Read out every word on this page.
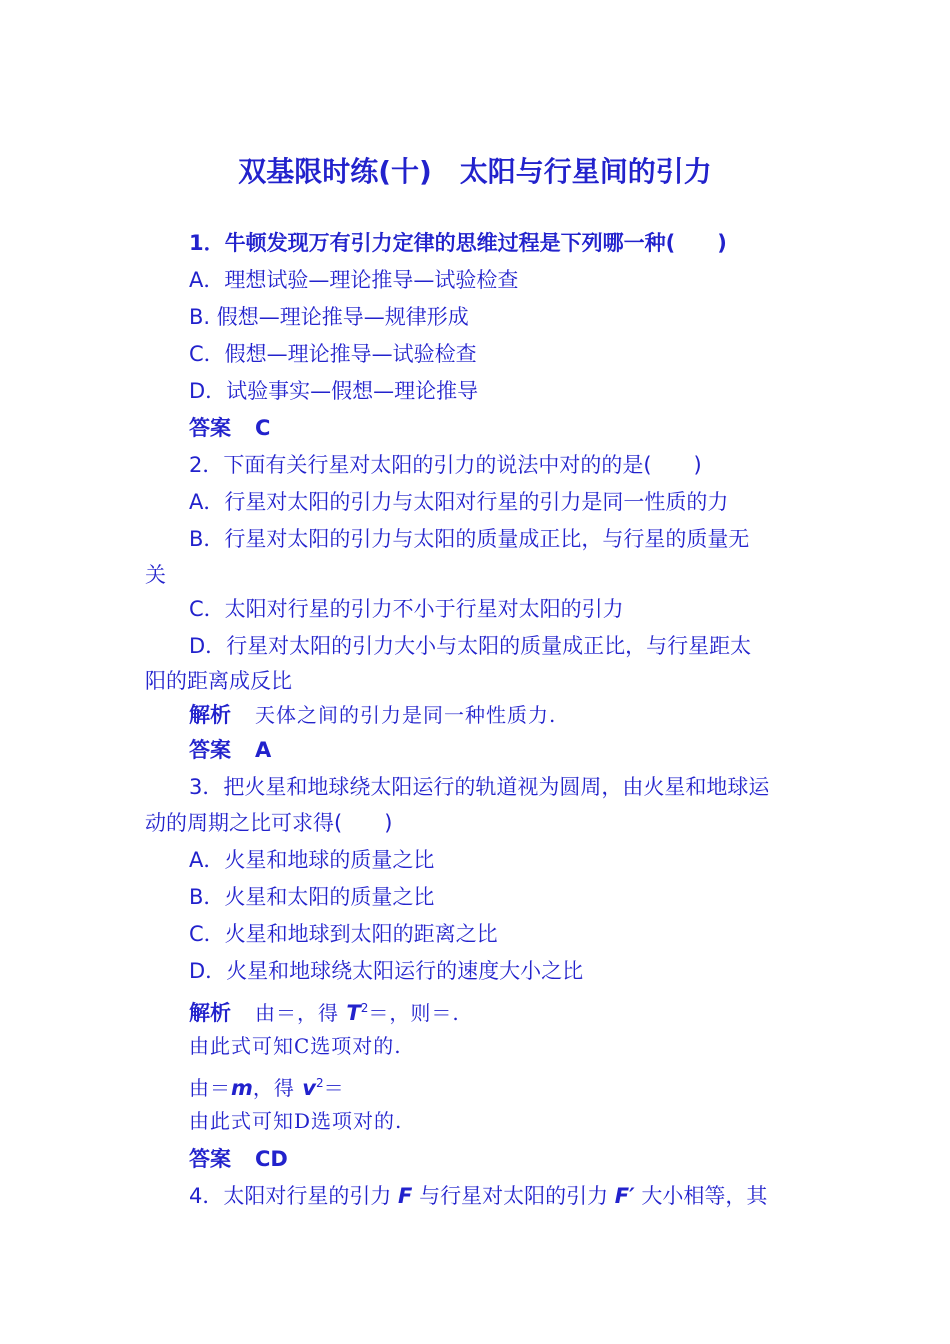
双基限时练(十)　太阳与行星间的引力
1．牛顿发现万有引力定律的思维过程是下列哪一种(　　)
A．理想试验—理论推导—试验检查
B. 假想—理论推导—规律形成
C．假想—理论推导—试验检查
D．试验事实—假想—理论推导
答案 C
2．下面有关行星对太阳的引力的说法中对的的是(　　)
A．行星对太阳的引力与太阳对行星的引力是同一性质的力
B．行星对太阳的引力与太阳的质量成正比，与行星的质量无
关
C．太阳对行星的引力不小于行星对太阳的引力
D．行星对太阳的引力大小与太阳的质量成正比，与行星距太
阳的距离成反比
解析 天体之间的引力是同一种性质力.
答案 A
3．把火星和地球绕太阳运行的轨道视为圆周，由火星和地球运
动的周期之比可求得(　　)
A．火星和地球的质量之比
B．火星和太阳的质量之比
C．火星和地球到太阳的距离之比
D．火星和地球绕太阳运行的速度大小之比
解析 由＝，得 $T^2=$，则＝.
由此式可知C选项对的.
由＝m，得 $v^2=$
由此式可知D选项对的.
答案 CD
4．太阳对行星的引力 F 与行星对太阳的引力 F′ 大小相等，其
